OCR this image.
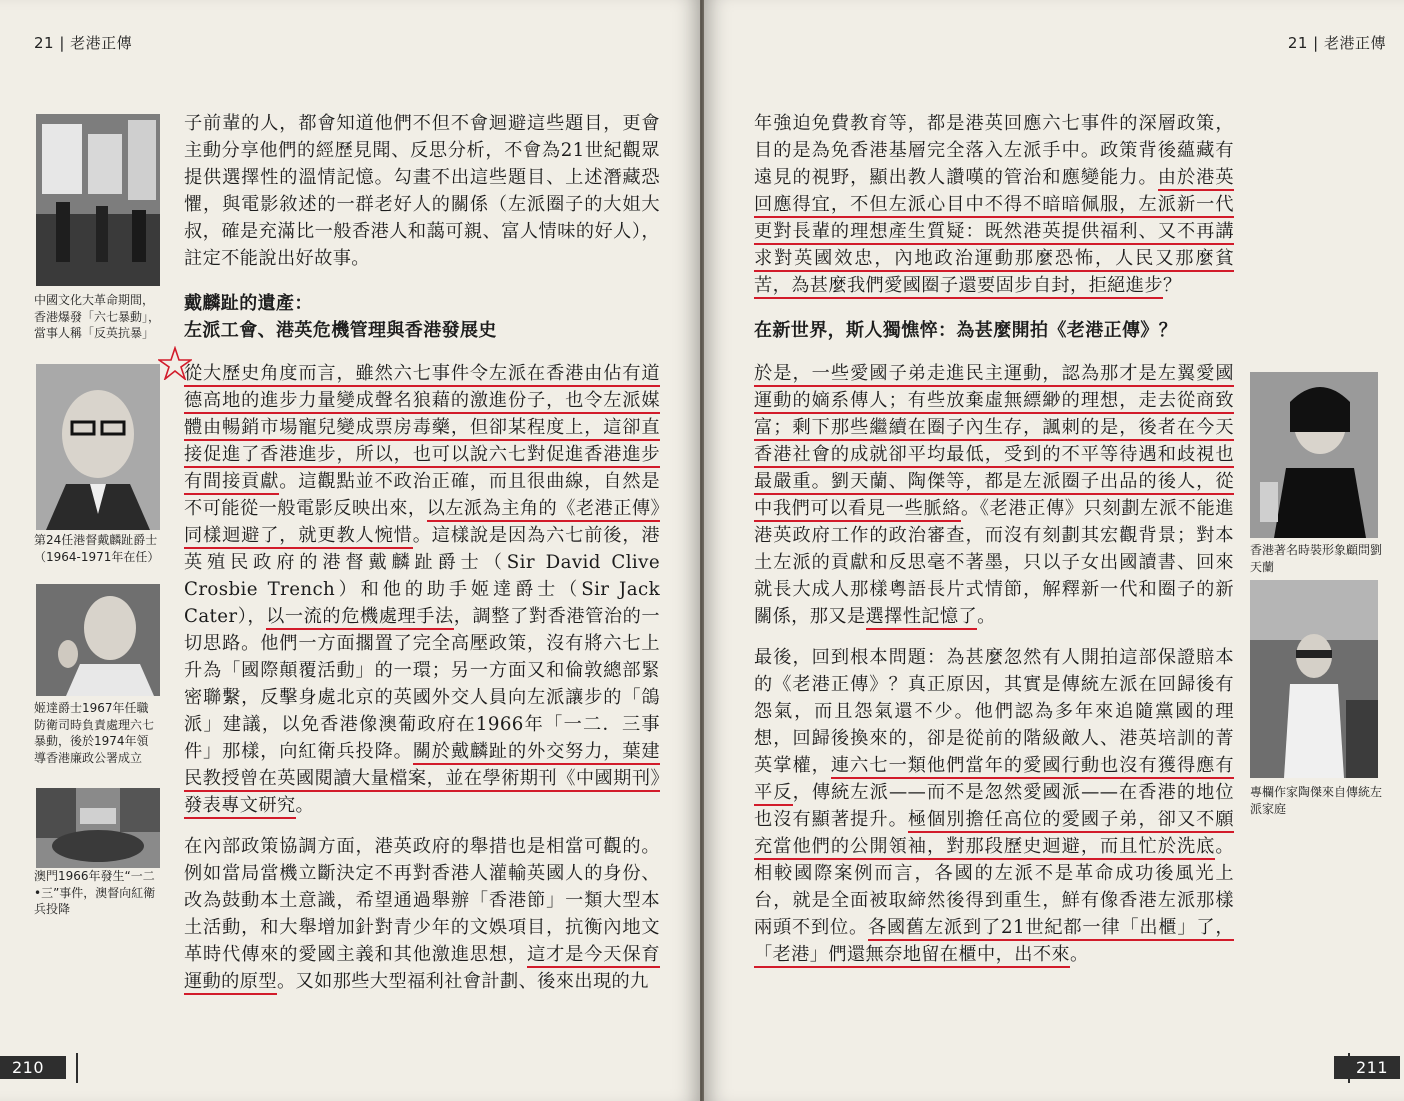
21 | 老港正傳
中國文化大革命期間，香港爆發「六七暴動」，當事人稱「反英抗暴」
第24任港督戴麟趾爵士（1964-1971年在任）
姬達爵士1967年任職防衛司時負責處理六七暴動，後於1974年領導香港廉政公署成立
澳門1966年發生“一二•三”事件，澳督向紅衛兵投降

子前輩的人，都會知道他們不但不會迴避這些題目，更會主動分享他們的經歷見聞、反思分析，不會為21世紀觀眾提供選擇性的溫情記憶。勾畫不出這些題目、上述潛藏恐懼，與電影敘述的一群老好人的關係（左派圈子的大姐大叔，確是充滿比一般香港人和藹可親、富人情味的好人），註定不能說出好故事。

戴麟趾的遺產：
左派工會、港英危機管理與香港發展史

從大歷史角度而言，雖然六七事件令左派在香港由佔有道德高地的進步力量變成聲名狼藉的激進份子，也令左派媒體由暢銷市場寵兒變成票房毒藥，但卻某程度上，這卻直接促進了香港進步，所以，也可以說六七對促進香港進步有間接貢獻。這觀點並不政治正確，而且很曲線，自然是不可能從一般電影反映出來，以左派為主角的《老港正傳》同樣迴避了，就更教人惋惜。這樣說是因為六七前後，港英殖民政府的港督戴麟趾爵士（Sir David Clive Crosbie Trench）和他的助手姬達爵士（Sir Jack Cater），以一流的危機處理手法，調整了對香港管治的一切思路。他們一方面擱置了完全高壓政策，沒有將六七上升為「國際顛覆活動」的一環；另一方面又和倫敦總部緊密聯繫，反擊身處北京的英國外交人員向左派讓步的「鴿派」建議，以免香港像澳葡政府在1966年「一二．三事件」那樣，向紅衛兵投降。關於戴麟趾的外交努力，葉建民教授曾在英國閱讀大量檔案，並在學術期刊《中國期刊》發表專文研究。

在內部政策協調方面，港英政府的舉措也是相當可觀的。例如當局當機立斷決定不再對香港人灌輸英國人的身份、改為鼓動本土意識，希望通過舉辦「香港節」一類大型本土活動，和大舉增加針對青少年的文娛項目，抗衡內地文革時代傳來的愛國主義和其他激進思想，這才是今天保育運動的原型。又如那些大型福利社會計劃、後來出現的九

210
21 | 老港正傳

年強迫免費教育等，都是港英回應六七事件的深層政策，目的是為免香港基層完全落入左派手中。政策背後蘊藏有遠見的視野，顯出教人讚嘆的管治和應變能力。由於港英回應得宜，不但左派心目中不得不暗暗佩服，左派新一代更對長輩的理想產生質疑：既然港英提供福利、又不再講求對英國效忠，內地政治運動那麼恐怖，人民又那麼貧苦，為甚麼我們愛國圈子還要固步自封，拒絕進步？

在新世界，斯人獨憔悴：為甚麼開拍《老港正傳》？

於是，一些愛國子弟走進民主運動，認為那才是左翼愛國運動的嫡系傳人；有些放棄虛無縹緲的理想，走去從商致富；剩下那些繼續在圈子內生存，諷刺的是，後者在今天香港社會的成就卻平均最低，受到的不平等待遇和歧視也最嚴重。劉天蘭、陶傑等，都是左派圈子出品的後人，從中我們可以看見一些脈絡。《老港正傳》只刻劃左派不能進港英政府工作的政治審查，而沒有刻劃其宏觀背景；對本土左派的貢獻和反思毫不著墨，只以子女出國讀書、回來就長大成人那樣粵語長片式情節，解釋新一代和圈子的新關係，那又是選擇性記憶了。

最後，回到根本問題：為甚麼忽然有人開拍這部保證賠本的《老港正傳》？真正原因，其實是傳統左派在回歸後有怨氣，而且怨氣還不少。他們認為多年來追隨黨國的理想，回歸後換來的，卻是從前的階級敵人、港英培訓的菁英掌權，連六七一類他們當年的愛國行動也沒有獲得應有平反，傳統左派——而不是忽然愛國派——在香港的地位也沒有顯著提升。極個別擔任高位的愛國子弟，卻又不願充當他們的公開領袖，對那段歷史迴避，而且忙於洗底。相較國際案例而言，各國的左派不是革命成功後風光上台，就是全面被取締然後得到重生，鮮有像香港左派那樣兩頭不到位。各國舊左派到了21世紀都一律「出櫃」了，「老港」們還無奈地留在櫃中，出不來。

香港著名時裝形象顧問劉天蘭
專欄作家陶傑來自傳統左派家庭
211
